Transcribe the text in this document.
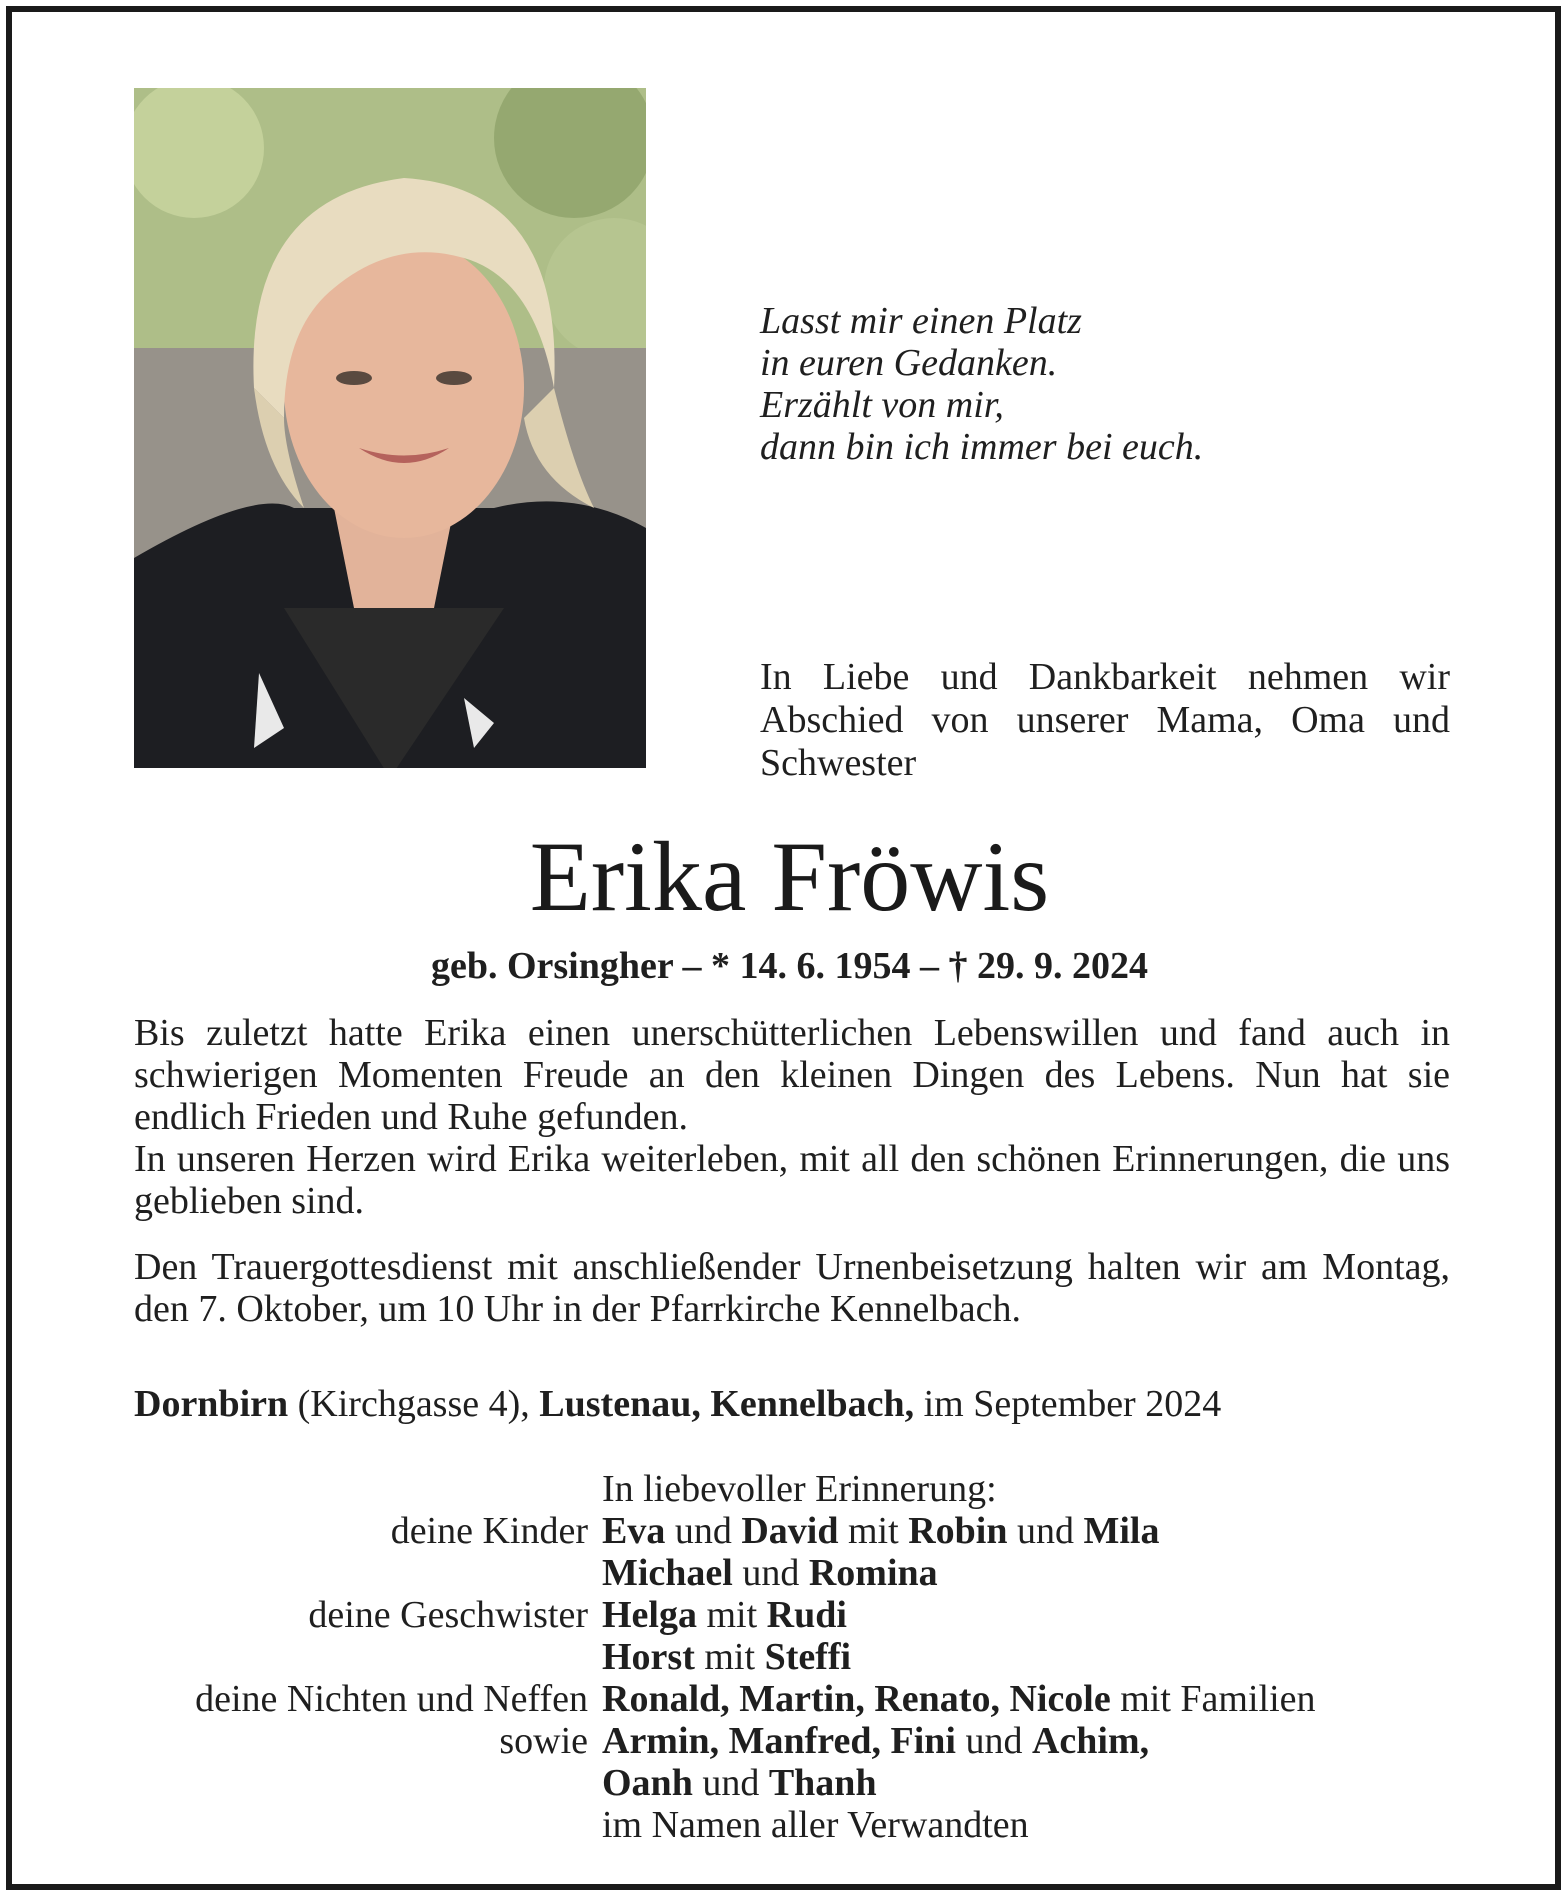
Lasst mir einen Platz
in euren Gedanken.
Erzählt von mir,
dann bin ich immer bei euch.
In Liebe und Dankbarkeit nehmen wir Abschied von unserer Mama, Oma und Schwester
Erika Fröwis
geb. Orsingher – * 14. 6. 1954 – † 29. 9. 2024

Bis zuletzt hatte Erika einen unerschütterlichen Lebenswillen und fand auch in schwierigen Momenten Freude an den kleinen Dingen des Lebens. Nun hat sie endlich Frieden und Ruhe gefunden.

In unseren Herzen wird Erika weiterleben, mit all den schönen Erinnerungen, die uns geblieben sind.

Den Trauergottesdienst mit anschließender Urnenbeisetzung halten wir am Montag, den 7. Oktober, um 10 Uhr in der Pfarrkirche Kennelbach.

Dornbirn (Kirchgasse 4), Lustenau, Kennelbach, im September 2024
In liebevoller Erinnerung:
deine Kinder Eva und David mit Robin und Mila
Michael und Romina
deine Geschwister Helga mit Rudi
Horst mit Steffi
deine Nichten und Neffen Ronald, Martin, Renato, Nicole mit Familien
sowie Armin, Manfred, Fini und Achim,
Oanh und Thanh
im Namen aller Verwandten
